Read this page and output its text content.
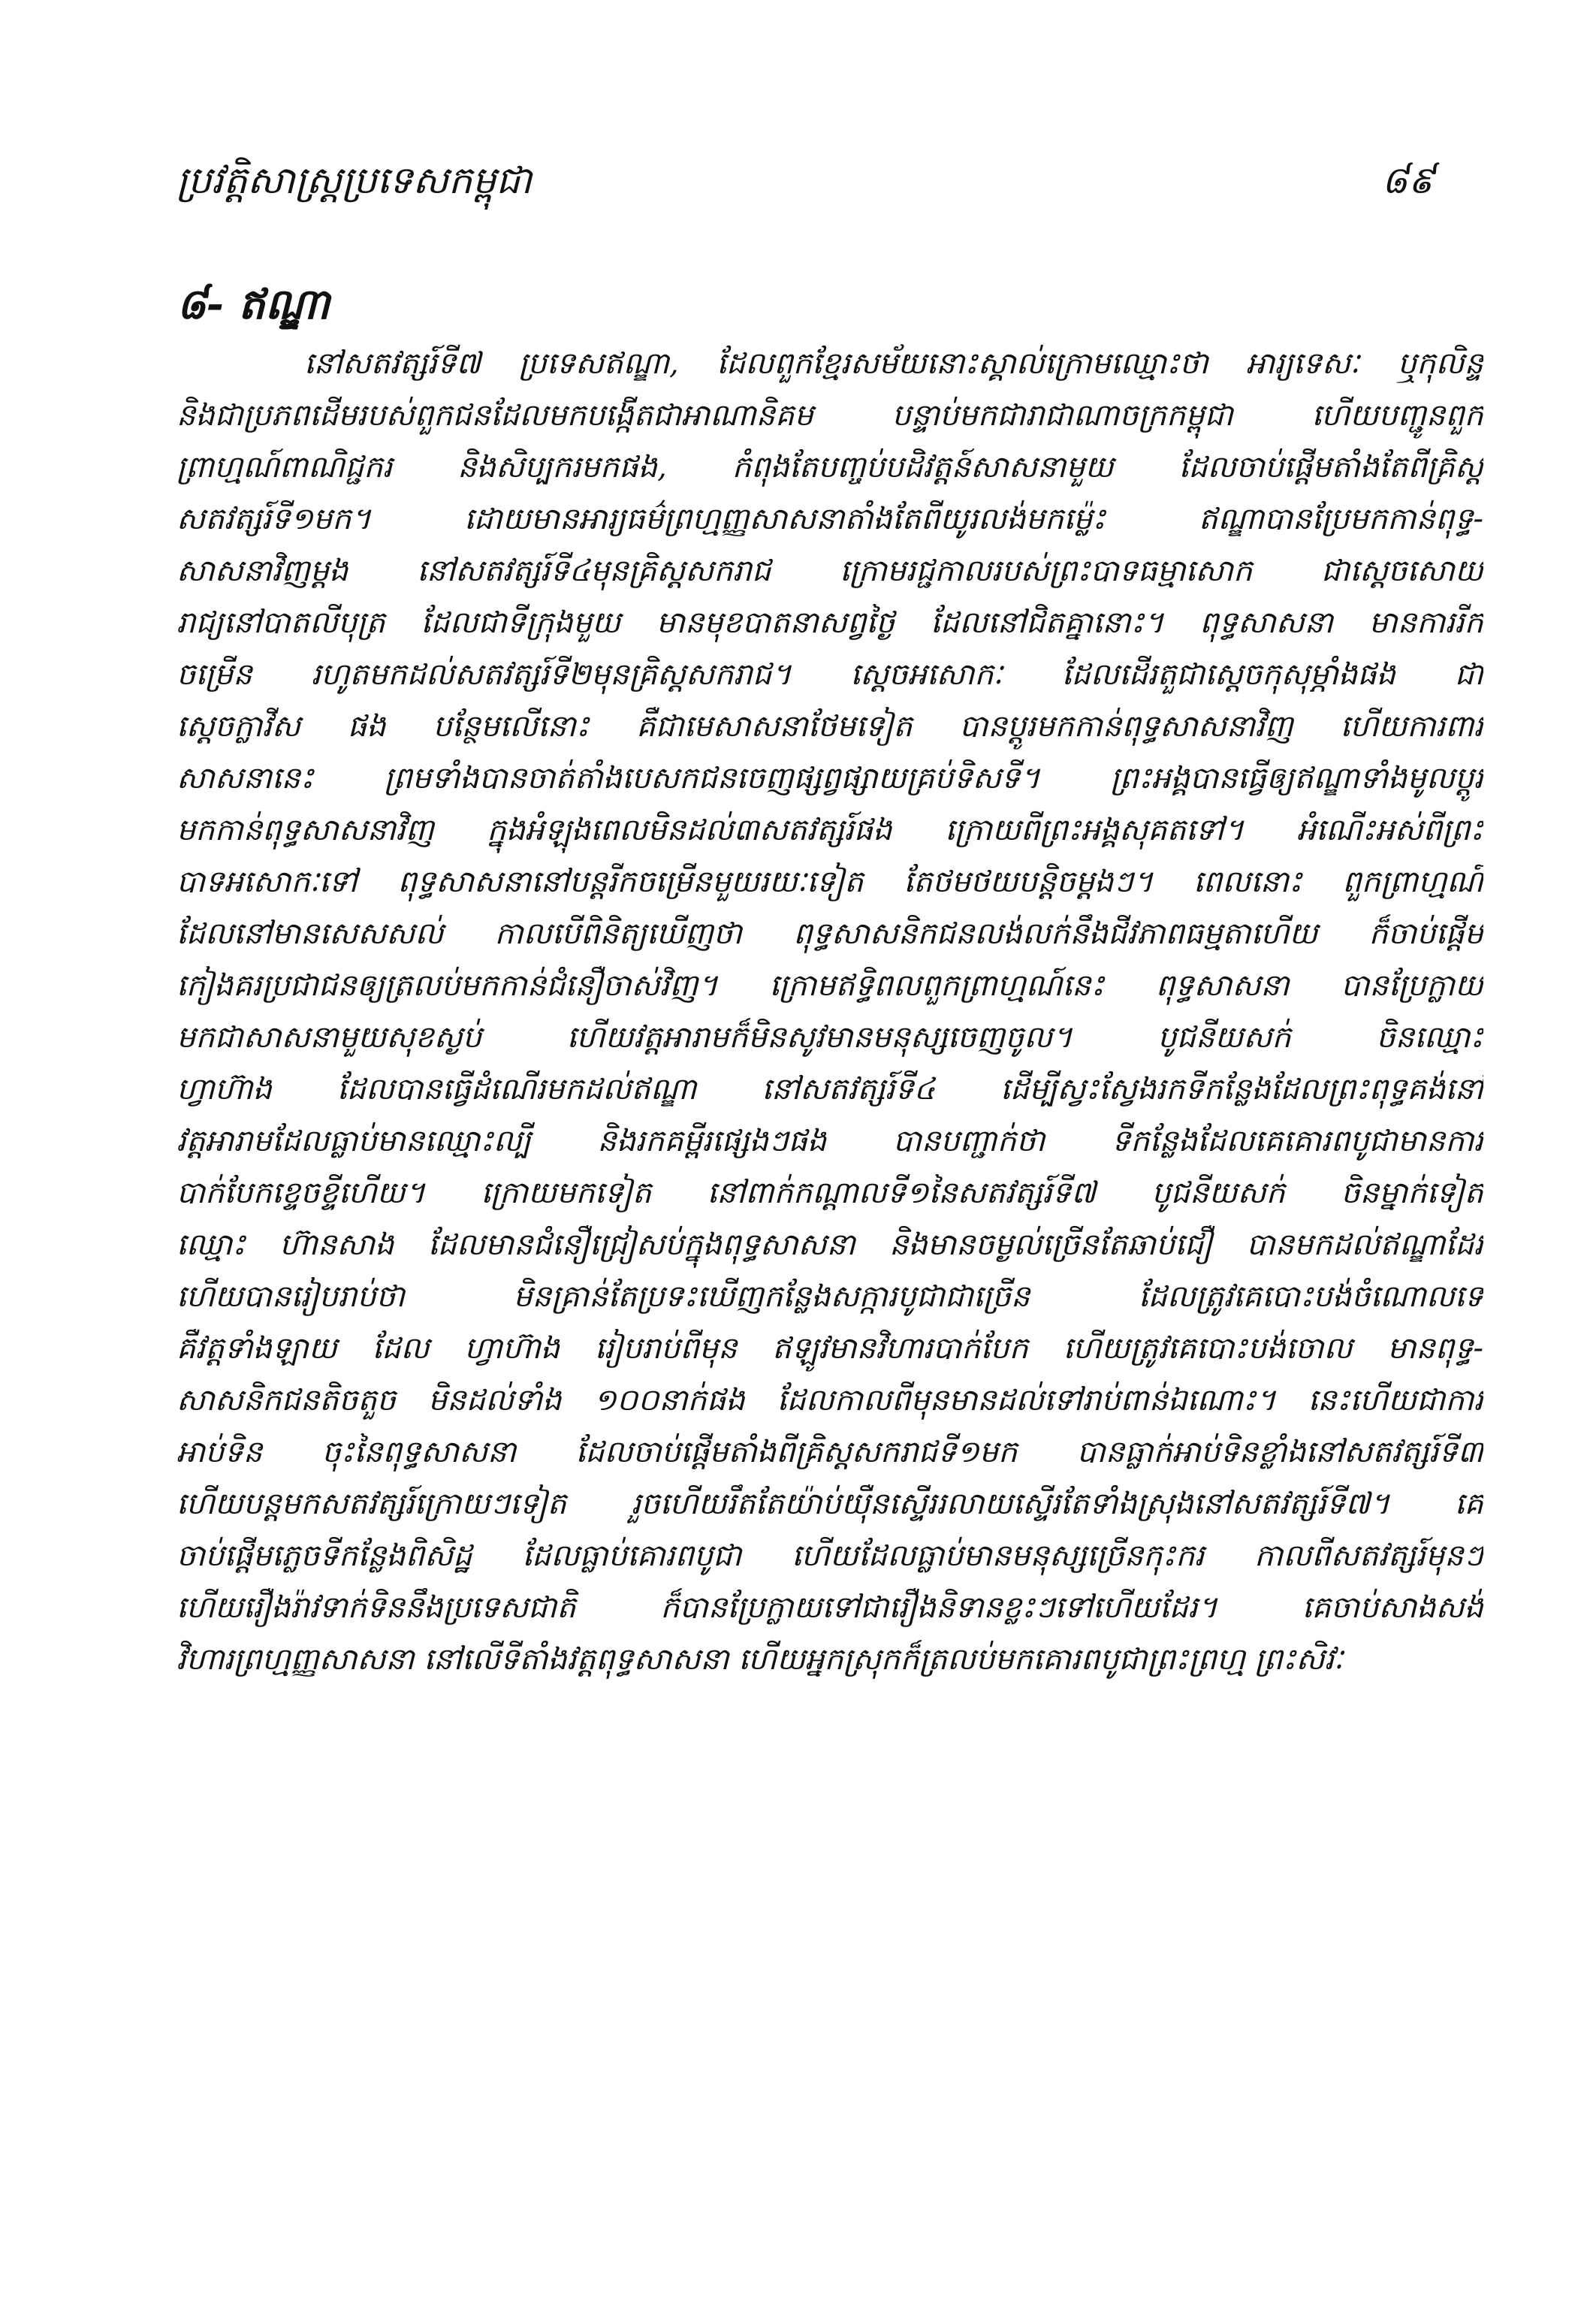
ប្រវត្តិសាស្ត្រប្រទេសកម្ពុជា	៨៩
៨- ឥណ្ឌា
នៅសតវត្សរ៍ទី៧ ប្រទេសឥណ្ឌា, ដែលពួកខ្មែរសម័យនោះស្គាល់ក្រោមឈ្មោះថា អារ្យទេសៈ ឬកុលិន្ទ
និងជាប្រភពដើមរបស់ពួកជនដែលមកបង្កើតជាអាណានិគម បន្ទាប់មកជារាជាណាចក្រកម្ពុជា ហើយបញ្ជូនពួក
ព្រាហ្មណ៍ពាណិជ្ជករ និងសិប្បករមកផង, កំពុងតែបញ្ចប់បដិវត្តន៍សាសនាមួយ ដែលចាប់ផ្ដើមតាំងតែពីគ្រិស្ត
សតវត្សរ៍ទី១មក។ ដោយមានអារ្យធម៌ព្រហ្មញ្ញសាសនាតាំងតែពីយូរលង់មកម៉្លេះ ឥណ្ឌាបានប្រែមកកាន់ពុទ្ធ-
សាសនាវិញម្ដង នៅសតវត្សរ៍ទី៤មុនគ្រិស្តសករាជ ក្រោមរជ្ជកាលរបស់ព្រះបាទធម្មាសោក ជាស្ដេចសោយ
រាជ្យនៅបាតលីបុត្រ ដែលជាទីក្រុងមួយ មានមុខបាតនាសព្វថ្ងៃ ដែលនៅជិតគ្នានោះ។ ពុទ្ធសាសនា មានការរីក
ចម្រើន រហូតមកដល់សតវត្សរ៍ទី២មុនគ្រិស្តសករាជ។ ស្ដេចអសោកៈ ដែលដើរតួជាស្ដេចកុសុម្ភាំងផង ជា
ស្ដេចក្លាវីស ផង បន្ថែមលើនោះ គឺជាមេសាសនាថែមទៀត បានប្ដូរមកកាន់ពុទ្ធសាសនាវិញ ហើយការពារ
សាសនានេះ ព្រមទាំងបានចាត់តាំងបេសកជនចេញផ្សព្វផ្សាយគ្រប់ទិសទី។ ព្រះអង្គបានធ្វើឲ្យឥណ្ឌាទាំងមូលប្ដូរ
មកកាន់ពុទ្ធសាសនាវិញ ក្នុងអំឡុងពេលមិនដល់៣សតវត្សរ៍ផង ក្រោយពីព្រះអង្គសុគតទៅ។ អំណើះអស់ពីព្រះ
បាទអសោកៈទៅ ពុទ្ធសាសនានៅបន្តរីកចម្រើនមួយរយៈទៀត តែថមថយបន្តិចម្ដងៗ។ ពេលនោះ ពួកព្រាហ្មណ៍
ដែលនៅមានសេសសល់ កាលបើពិនិត្យឃើញថា ពុទ្ធសាសនិកជនលង់លក់នឹងជីវភាពធម្មតាហើយ ក៏ចាប់ផ្ដើម
កៀងគរប្រជាជនឲ្យត្រលប់មកកាន់ជំនឿចាស់វិញ។ ក្រោមឥទ្ធិពលពួកព្រាហ្មណ៍នេះ ពុទ្ធសាសនា បានប្រែក្លាយ
មកជាសាសនាមួយសុខស្ងប់ ហើយវត្តអារាមក៏មិនសូវមានមនុស្សចេញចូល។ បូជនីយសក់ ចិនឈ្មោះ
ហ្វាហ៊ាង ដែលបានធ្វើដំណើរមកដល់ឥណ្ឌា នៅសតវត្សរ៍ទី៤ ដើម្បីស្វះស្វែងរកទីកន្លែងដែលព្រះពុទ្ធគង់នៅ
វត្តអារាមដែលធ្លាប់មានឈ្មោះល្បី និងរកគម្ពីរផ្សេងៗផង បានបញ្ជាក់ថា ទីកន្លែងដែលគេគោរពបូជាមានការ
បាក់បែកខ្ទេចខ្ទីហើយ។ ក្រោយមកទៀត នៅពាក់កណ្ដាលទី១នៃសតវត្សរ៍ទី៧ បូជនីយសក់ ចិនម្នាក់ទៀត
ឈ្មោះ ហ៊ានសាង ដែលមានជំនឿជ្រៀសប់ក្នុងពុទ្ធសាសនា និងមានចម្ងល់ច្រើនតែឆាប់ជឿ បានមកដល់ឥណ្ឌាដែរ
ហើយបានរៀបរាប់ថា មិនគ្រាន់តែប្រទះឃើញកន្លែងសក្ការបូជាជាច្រើន ដែលត្រូវគេបោះបង់ចំណោលទេ
គឺវត្តទាំងឡាយ ដែល ហ្វាហ៊ាង រៀបរាប់ពីមុន ឥឡូវមានវិហារបាក់បែក ហើយត្រូវគេបោះបង់ចោល មានពុទ្ធ-
សាសនិកជនតិចតួច មិនដល់ទាំង ១០០នាក់ផង ដែលកាលពីមុនមានដល់ទៅរាប់ពាន់ឯណោះ។ នេះហើយជាការ
អាប់ទិន ចុះនៃពុទ្ធសាសនា ដែលចាប់ផ្ដើមតាំងពីគ្រិស្តសករាជទី១មក បានធ្លាក់អាប់ទិនខ្លាំងនៅសតវត្សរ៍ទី៣
ហើយបន្តមកសតវត្សរ៍ក្រោយៗទៀត រួចហើយរឹតតែយ៉ាប់យ៉ឺនស្ទើររលាយស្ទើរតែទាំងស្រុងនៅសតវត្សរ៍ទី៧។ គេ
ចាប់ផ្ដើមភ្លេចទីកន្លែងពិសិដ្ឋ ដែលធ្លាប់គោរពបូជា ហើយដែលធ្លាប់មានមនុស្សច្រើនកុះករ កាលពីសតវត្សរ៍មុនៗ
ហើយរឿងរ៉ាវទាក់ទិននឹងប្រទេសជាតិ ក៏បានប្រែក្លាយទៅជារឿងនិទានខ្លះៗទៅហើយដែរ។ គេចាប់សាងសង់
វិហារព្រហ្មញ្ញសាសនា នៅលើទីតាំងវត្តពុទ្ធសាសនា ហើយអ្នកស្រុកក៏ត្រលប់មកគោរពបូជាព្រះព្រហ្ម ព្រះសិវៈ
